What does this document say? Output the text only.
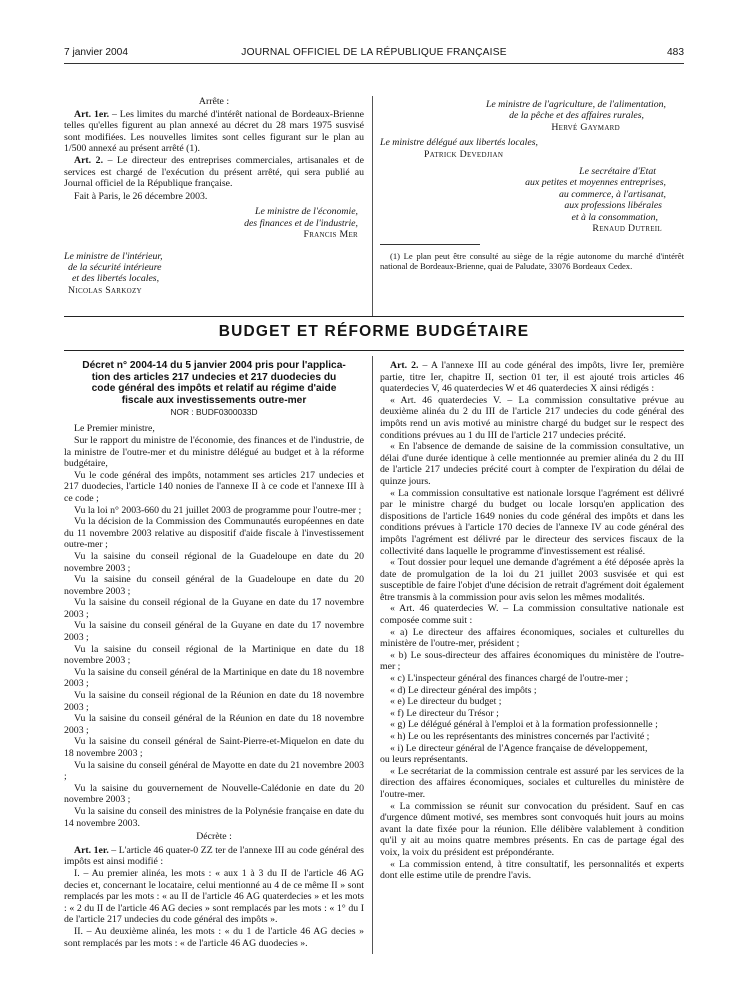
7 janvier 2004	JOURNAL OFFICIEL DE LA RÉPUBLIQUE FRANÇAISE	483

Arrête :

Art. 1er. – Les limites du marché d'intérêt national de Bordeaux-Brienne telles qu'elles figurent au plan annexé au décret du 28 mars 1975 susvisé sont modifiées. Les nouvelles limites sont celles figurant sur le plan au 1/500 annexé au présent arrêté (1).

Art. 2. – Le directeur des entreprises commerciales, artisanales et de services est chargé de l'exécution du présent arrêté, qui sera publié au Journal officiel de la République française.

Fait à Paris, le 26 décembre 2003.

Le ministre de l'économie,

des finances et de l'industrie,

Francis Mer

Le ministre de l'intérieur,

de la sécurité intérieure

et des libertés locales,

Nicolas Sarkozy

Le ministre de l'agriculture, de l'alimentation,

de la pêche et des affaires rurales,

Hervé Gaymard

Le ministre délégué aux libertés locales,

Patrick Devedjian

Le secrétaire d'Etat

aux petites et moyennes entreprises,

au commerce, à l'artisanat,

aux professions libérales

et à la consommation,

Renaud Dutreil

(1) Le plan peut être consulté au siège de la régie autonome du marché d'intérêt national de Bordeaux-Brienne, quai de Paludate, 33076 Bordeaux Cedex.

BUDGET ET RÉFORME BUDGÉTAIRE

Décret n° 2004-14 du 5 janvier 2004 pris pour l'applica-

tion des articles 217 undecies et 217 duodecies du

code général des impôts et relatif au régime d'aide

fiscale aux investissements outre-mer

NOR : BUDF0300033D

Le Premier ministre,

Sur le rapport du ministre de l'économie, des finances et de l'industrie, de la ministre de l'outre-mer et du ministre délégué au budget et à la réforme budgétaire,

Vu le code général des impôts, notamment ses articles 217 undecies et 217 duodecies, l'article 140 nonies de l'annexe II à ce code et l'annexe III à ce code ;

Vu la loi n° 2003-660 du 21 juillet 2003 de programme pour l'outre-mer ;

Vu la décision de la Commission des Communautés européennes en date du 11 novembre 2003 relative au dispositif d'aide fiscale à l'investissement outre-mer ;

Vu la saisine du conseil régional de la Guadeloupe en date du 20 novembre 2003 ;

Vu la saisine du conseil général de la Guadeloupe en date du 20 novembre 2003 ;

Vu la saisine du conseil régional de la Guyane en date du 17 novembre 2003 ;

Vu la saisine du conseil général de la Guyane en date du 17 novembre 2003 ;

Vu la saisine du conseil régional de la Martinique en date du 18 novembre 2003 ;

Vu la saisine du conseil général de la Martinique en date du 18 novembre 2003 ;

Vu la saisine du conseil régional de la Réunion en date du 18 novembre 2003 ;

Vu la saisine du conseil général de la Réunion en date du 18 novembre 2003 ;

Vu la saisine du conseil général de Saint-Pierre-et-Miquelon en date du 18 novembre 2003 ;

Vu la saisine du conseil général de Mayotte en date du 21 novembre 2003 ;

Vu la saisine du gouvernement de Nouvelle-Calédonie en date du 20 novembre 2003 ;

Vu la saisine du conseil des ministres de la Polynésie française en date du 14 novembre 2003.

Décrète :

Art. 1er. – L'article 46 quater-0 ZZ ter de l'annexe III au code général des impôts est ainsi modifié :

I. – Au premier alinéa, les mots : « aux 1 à 3 du II de l'article 46 AG decies et, concernant le locataire, celui mentionné au 4 de ce même II » sont remplacés par les mots : « au II de l'article 46 AG quaterdecies » et les mots : « 2 du II de l'article 46 AG decies » sont remplacés par les mots : « 1° du I de l'article 217 undecies du code général des impôts ».

II. – Au deuxième alinéa, les mots : « du 1 de l'article 46 AG decies » sont remplacés par les mots : « de l'article 46 AG duodecies ».

Art. 2. – A l'annexe III au code général des impôts, livre Ier, première partie, titre Ier, chapitre II, section 01 ter, il est ajouté trois articles 46 quaterdecies V, 46 quaterdecies W et 46 quaterdecies X ainsi rédigés :

« Art. 46 quaterdecies V. – La commission consultative prévue au deuxième alinéa du 2 du III de l'article 217 undecies du code général des impôts rend un avis motivé au ministre chargé du budget sur le respect des conditions prévues au 1 du III de l'article 217 undecies précité.

« En l'absence de demande de saisine de la commission consultative, un délai d'une durée identique à celle mentionnée au premier alinéa du 2 du III de l'article 217 undecies précité court à compter de l'expiration du délai de quinze jours.

« La commission consultative est nationale lorsque l'agrément est délivré par le ministre chargé du budget ou locale lorsqu'en application des dispositions de l'article 1649 nonies du code général des impôts et dans les conditions prévues à l'article 170 decies de l'annexe IV au code général des impôts l'agrément est délivré par le directeur des services fiscaux de la collectivité dans laquelle le programme d'investissement est réalisé.

« Tout dossier pour lequel une demande d'agrément a été déposée après la date de promulgation de la loi du 21 juillet 2003 susvisée et qui est susceptible de faire l'objet d'une décision de retrait d'agrément doit également être transmis à la commission pour avis selon les mêmes modalités.

« Art. 46 quaterdecies W. – La commission consultative nationale est composée comme suit :

« a) Le directeur des affaires économiques, sociales et culturelles du ministère de l'outre-mer, président ;

« b) Le sous-directeur des affaires économiques du ministère de l'outre-mer ;

« c) L'inspecteur général des finances chargé de l'outre-mer ;

« d) Le directeur général des impôts ;

« e) Le directeur du budget ;

« f) Le directeur du Trésor ;

« g) Le délégué général à l'emploi et à la formation professionnelle ;

« h) Le ou les représentants des ministres concernés par l'activité ;

« i) Le directeur général de l'Agence française de développement,

ou leurs représentants.

« Le secrétariat de la commission centrale est assuré par les services de la direction des affaires économiques, sociales et culturelles du ministère de l'outre-mer.

« La commission se réunit sur convocation du président. Sauf en cas d'urgence dûment motivé, ses membres sont convoqués huit jours au moins avant la date fixée pour la réunion. Elle délibère valablement à condition qu'il y ait au moins quatre membres présents. En cas de partage égal des voix, la voix du président est prépondérante.

« La commission entend, à titre consultatif, les personnalités et experts dont elle estime utile de prendre l'avis.
